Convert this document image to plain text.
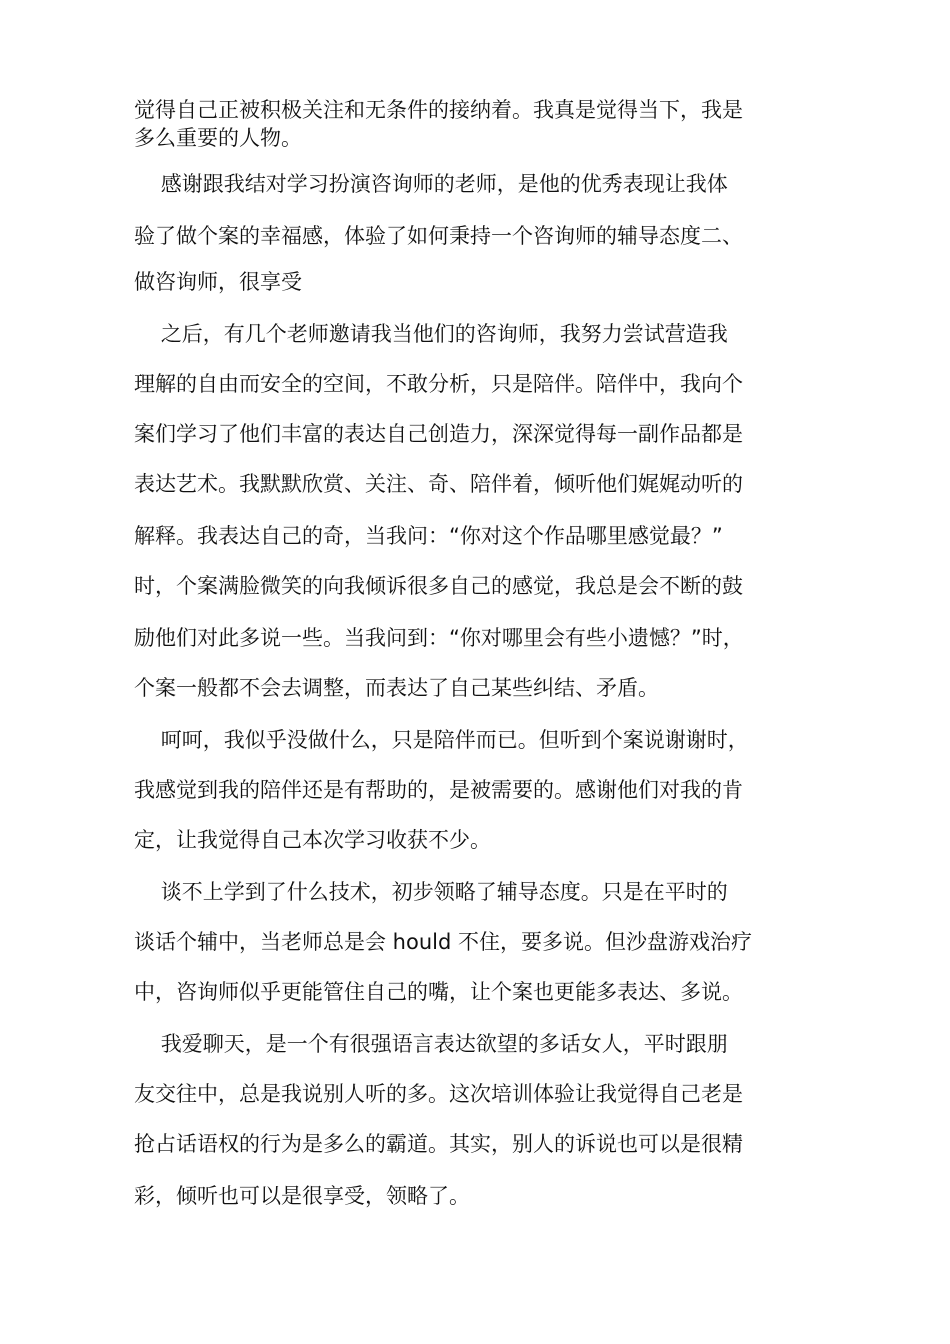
觉得自己正被积极关注和无条件的接纳着。我真是觉得当下，我是
多么重要的人物。
感谢跟我结对学习扮演咨询师的老师，是他的优秀表现让我体
验了做个案的幸福感，体验了如何秉持一个咨询师的辅导态度二、
做咨询师，很享受
之后，有几个老师邀请我当他们的咨询师，我努力尝试营造我
理解的自由而安全的空间，不敢分析，只是陪伴。陪伴中，我向个
案们学习了他们丰富的表达自己创造力，深深觉得每一副作品都是
表达艺术。我默默欣赏、关注、奇、陪伴着，倾听他们娓娓动听的
解释。我表达自己的奇，当我问：“你对这个作品哪里感觉最？”
时，个案满脸微笑的向我倾诉很多自己的感觉，我总是会不断的鼓
励他们对此多说一些。当我问到：“你对哪里会有些小遗憾？”时，
个案一般都不会去调整，而表达了自己某些纠结、矛盾。
呵呵，我似乎没做什么，只是陪伴而已。但听到个案说谢谢时，
我感觉到我的陪伴还是有帮助的，是被需要的。感谢他们对我的肯
定，让我觉得自己本次学习收获不少。
谈不上学到了什么技术，初步领略了辅导态度。只是在平时的
谈话个辅中，当老师总是会 hould 不住，要多说。但沙盘游戏治疗
中，咨询师似乎更能管住自己的嘴，让个案也更能多表达、多说。
我爱聊天，是一个有很强语言表达欲望的多话女人，平时跟朋
友交往中，总是我说别人听的多。这次培训体验让我觉得自己老是
抢占话语权的行为是多么的霸道。其实，别人的诉说也可以是很精
彩，倾听也可以是很享受，领略了。
